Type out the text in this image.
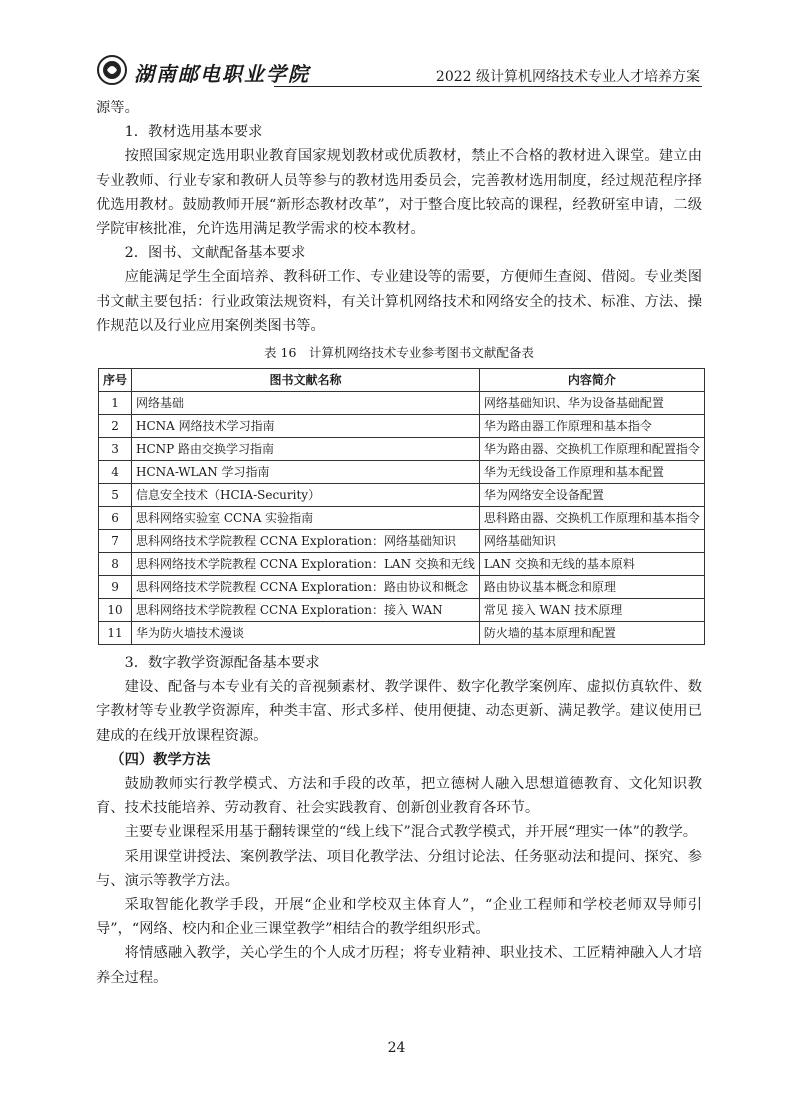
湖南邮电职业学院	2022 级计算机网络技术专业人才培养方案

源等。

1．教材选用基本要求

按照国家规定选用职业教育国家规划教材或优质教材，禁止不合格的教材进入课堂。建立由专业教师、行业专家和教研人员等参与的教材选用委员会，完善教材选用制度，经过规范程序择优选用教材。鼓励教师开展“新形态教材改革”，对于整合度比较高的课程，经教研室申请，二级学院审核批准，允许选用满足教学需求的校本教材。

2．图书、文献配备基本要求

应能满足学生全面培养、教科研工作、专业建设等的需要，方便师生查阅、借阅。专业类图书文献主要包括：行业政策法规资料，有关计算机网络技术和网络安全的技术、标准、方法、操作规范以及行业应用案例类图书等。

表 16　计算机网络技术专业参考图书文献配备表
序号	图书文献名称	内容简介
1	网络基础	网络基础知识、华为设备基础配置
2	HCNA 网络技术学习指南	华为路由器工作原理和基本指令
3	HCNP 路由交换学习指南	华为路由器、交换机工作原理和配置指令
4	HCNA-WLAN 学习指南	华为无线设备工作原理和基本配置
5	信息安全技术（HCIA-Security）	华为网络安全设备配置
6	思科网络实验室 CCNA 实验指南	思科路由器、交换机工作原理和基本指令
7	思科网络技术学院教程 CCNA Exploration：网络基础知识	网络基础知识
8	思科网络技术学院教程 CCNA Exploration：LAN 交换和无线	LAN 交换和无线的基本原料
9	思科网络技术学院教程 CCNA Exploration：路由协议和概念	路由协议基本概念和原理
10	思科网络技术学院教程 CCNA Exploration：接入 WAN	常见 接入 WAN 技术原理
11	华为防火墙技术漫谈	防火墙的基本原理和配置
3．数字教学资源配备基本要求

建设、配备与本专业有关的音视频素材、教学课件、数字化教学案例库、虚拟仿真软件、数字教材等专业教学资源库，种类丰富、形式多样、使用便捷、动态更新、满足教学。建议使用已建成的在线开放课程资源。

（四）教学方法

鼓励教师实行教学模式、方法和手段的改革，把立德树人融入思想道德教育、文化知识教育、技术技能培养、劳动教育、社会实践教育、创新创业教育各环节。

主要专业课程采用基于翻转课堂的“线上线下”混合式教学模式，并开展“理实一体”的教学。

采用课堂讲授法、案例教学法、项目化教学法、分组讨论法、任务驱动法和提问、探究、参与、演示等教学方法。

采取智能化教学手段，开展“企业和学校双主体育人”，“企业工程师和学校老师双导师引导”，“网络、校内和企业三课堂教学”相结合的教学组织形式。

将情感融入教学，关心学生的个人成才历程；将专业精神、职业技术、工匠精神融入人才培养全过程。

24
